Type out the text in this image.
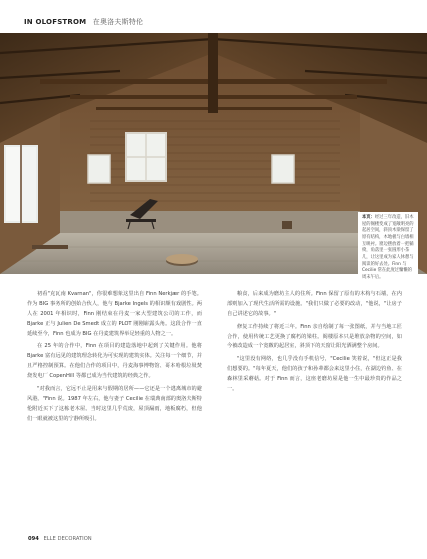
IN OLOFSTROM 在奥洛夫斯特伦
本页：经过三年改造，旧木屋的阁楼变成了宽敞明亮的起居空间，斜顶木梁保留了原有结构，木地板与白墙相互映衬。窗边摆放着一把躺椅，角落里一张圆形小茶几，让这里成为家人休憩与阅读的好去处。Finn 与 Cecilie 常在此度过慵懒的周末午后。

初看"克瓦南 Kvarnan"，你很难想象这里出自 Finn Nerkjær 的手笔。作为 BIG 事务所的创始合伙人，他与 Bjarke Ingels 的相识颇有戏剧性。两人在 2001 年相识时，Finn 刚结束在丹麦一家大型建筑公司的工作，而 Bjarke 正与 Julien De Smedt 成立的 PLOT 刚刚崭露头角。这段合作一直延续至今，Finn 也成为 BIG 在丹麦建筑界举足轻重的人物之一。

在 25 年的合作中，Finn 在项目的建造落地中起到了关键作用。他将 Bjarke 富有远见的建筑理念转化为可实现的建筑实体。关注每一个细节，并且严格控制预算。在他们合作的项目中，丹麦海事博物馆、哥本哈根垃圾焚烧发电厂 CopenHill 等都已成为当代建筑的经典之作。

"对我而言，它远不止是用来与假期的居所——它还是一个逃离城市的避风港。"Finn 说。1987 年左右，他与妻子 Cecilie 在瑞典南部的奥洛夫斯特伦附近买下了这栋老木屋。当时这里几乎荒废，屋顶漏雨，地板腐朽，但他们一眼就被这里的宁静所吸引。

粮食，后来成为磨坊主人的住所。Finn 保留了原有的木构与石墙，在内部则加入了现代生活所需的设施。"我们只做了必要的改动，"他说，"让房子自己讲述它的故事。"

修复工作持续了将近三年。Finn 亲自绘制了每一张图纸，并与当地工匠合作，使用传统工艺更换了腐朽的梁柱。阁楼原本只是堆放杂物的空间，如今被改造成一个宽敞的起居室，斜顶下的天窗让阳光洒满整个房间。

"这里没有网络，也几乎没有手机信号，"Cecilie 笑着说，"但这正是我们想要的。"每年夏天，他们的孩子和孙辈都会来这里小住，在湖边钓鱼、在森林里采蘑菇。对于 Finn 而言，这座老磨坊屋是他一生中最珍贵的作品之一。

094 ELLE DECORATION
